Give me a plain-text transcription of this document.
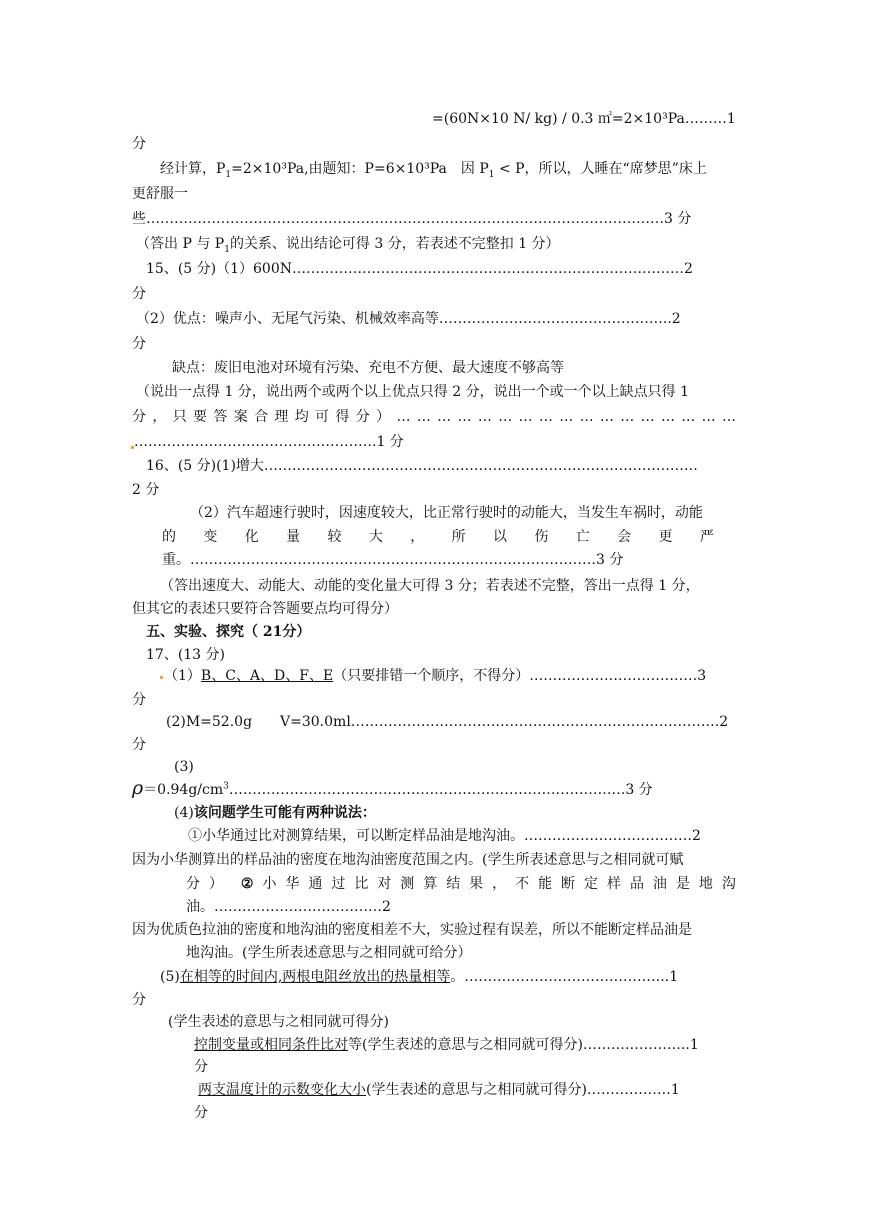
=(60N×10 N/ kg) / 0.3 ㎡=2×10³Pa………1
分
经计算，$P_1=2\times 10^3Pa$,由题知：P=6×10³Pa　因 $P_1 < P$，所以，人睡在“席梦思”床上
更舒服一
些…………………………………………………………………………………………………3 分
（答出 P 与 $P_1$的关系、说出结论可得 3 分，若表述不完整扣 1 分）
15、(5 分)（1）600N…………………………………………………………………………2
分
（2）优点：噪声小、无尾气污染、机械效率高等…………………………………………..2
分
缺点：废旧电池对环境有污染、充电不方便、最大速度不够高等
（说出一点得 1 分，说出两个或两个以上优点只得 2 分，说出一个或一个以上缺点只得 1
分 ， 只 要 答 案 合 理 均 可 得 分 ） … … … … … … … … … … … … … … … … …
…………………………………………….1 分
16、(5 分)(1)增大…………………………………………………………………………………
2 分
（2）汽车超速行驶时，因速度较大，比正常行驶时的动能大，当发生车祸时，动能
的 变 化 量 较 大 ， 所 以 伤 亡 会 更 严
重。……………………………………………………………………………3 分
（答出速度大、动能大、动能的变化量大可得 3 分；若表述不完整，答出一点得 1 分，
但其它的表述只要符合答题要点均可得分）
五、实验、探究（ 21分）
17、(13 分)
（1）B、C、A、D、F、E（只要排错一个顺序，不得分）………………………………3
分
(2)M=52.0g　　V=30.0ml…………………………………………………………………….2
分
(3)
$\rho=0.94g/cm^3\dots\dots\dots\dots\dots\dots\dots\dots\dots\dots\dots\dots\dots\dots\dots\dots\dots\dots\dots\dots\dots\dots\dots\dots\dots\dots\dots\dots.3$ 分
(4)该问题学生可能有两种说法：
①小华通过比对测算结果，可以断定样品油是地沟油。………………………………2
因为小华测算出的样品油的密度在地沟油密度范围之内。(学生所表述意思与之相同就可赋
分 ） ② 小 华 通 过 比 对 测 算 结 果 ， 不 能 断 定 样 品 油 是 地 沟
油。………………………………2
因为优质色拉油的密度和地沟油的密度相差不大，实验过程有误差，所以不能断定样品油是
地沟油。(学生所表述意思与之相同就可给分）
(5)在相等的时间内,两根电阻丝放出的热量相等。……………………………………..1
分
(学生表述的意思与之相同就可得分)
控制变量或相同条件比对等(学生表述的意思与之相同就可得分)…………………..1
分
两支温度计的示数变化大小(学生表述的意思与之相同就可得分)………………1
分
